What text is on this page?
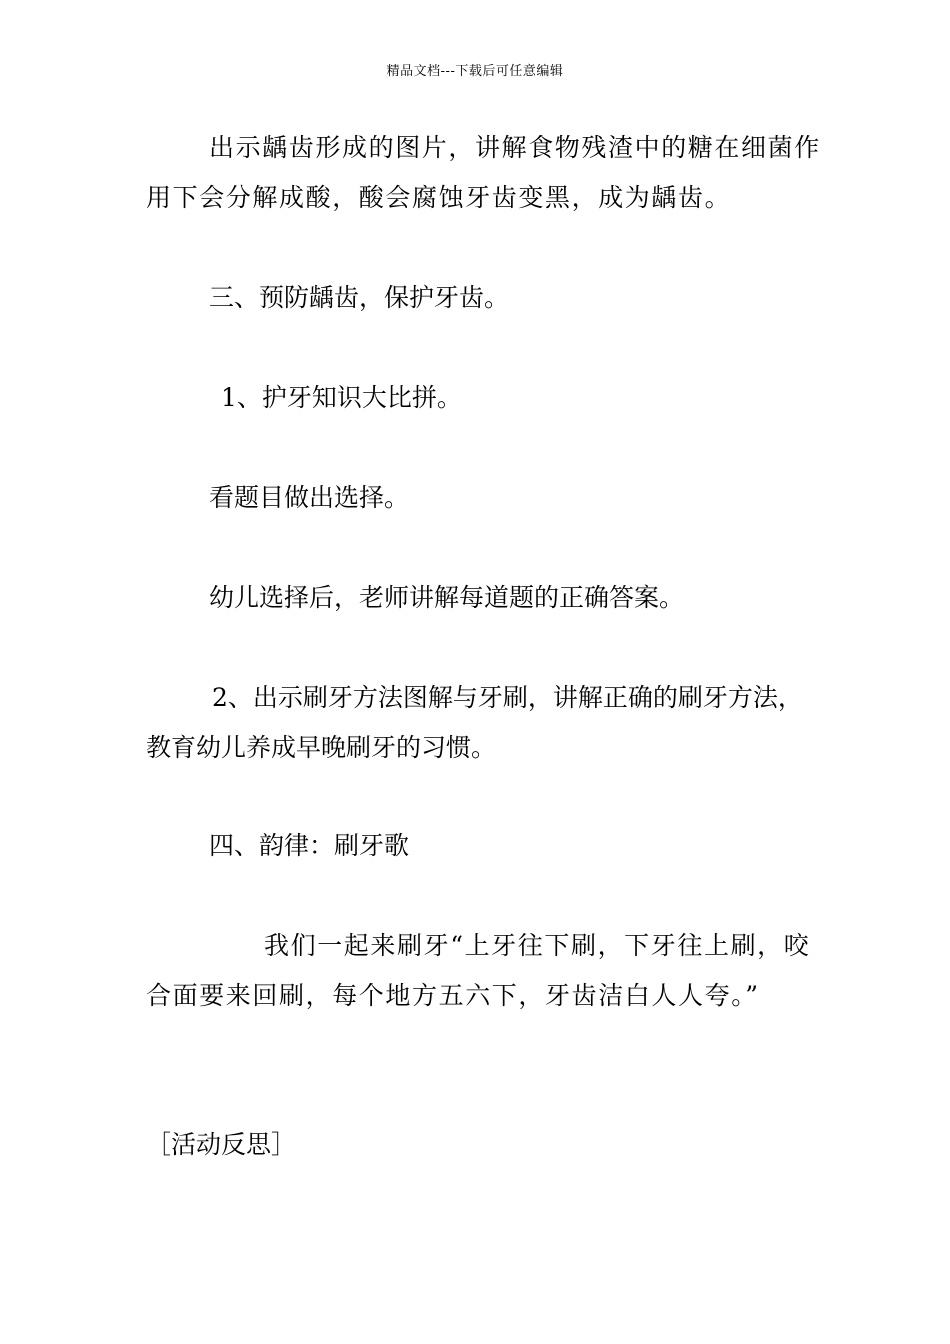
精品文档---下载后可任意编辑
出示龋齿形成的图片，讲解食物残渣中的糖在细菌作
用下会分解成酸，酸会腐蚀牙齿变黑，成为龋齿。
三、预防龋齿，保护牙齿。
1、护牙知识大比拼。
看题目做出选择。
幼儿选择后，老师讲解每道题的正确答案。
2、出示刷牙方法图解与牙刷，讲解正确的刷牙方法，
教育幼儿养成早晚刷牙的习惯。
四、韵律：刷牙歌
我们一起来刷牙“上牙往下刷，下牙往上刷，咬
合面要来回刷，每个地方五六下，牙齿洁白人人夸。”
［活动反思］
